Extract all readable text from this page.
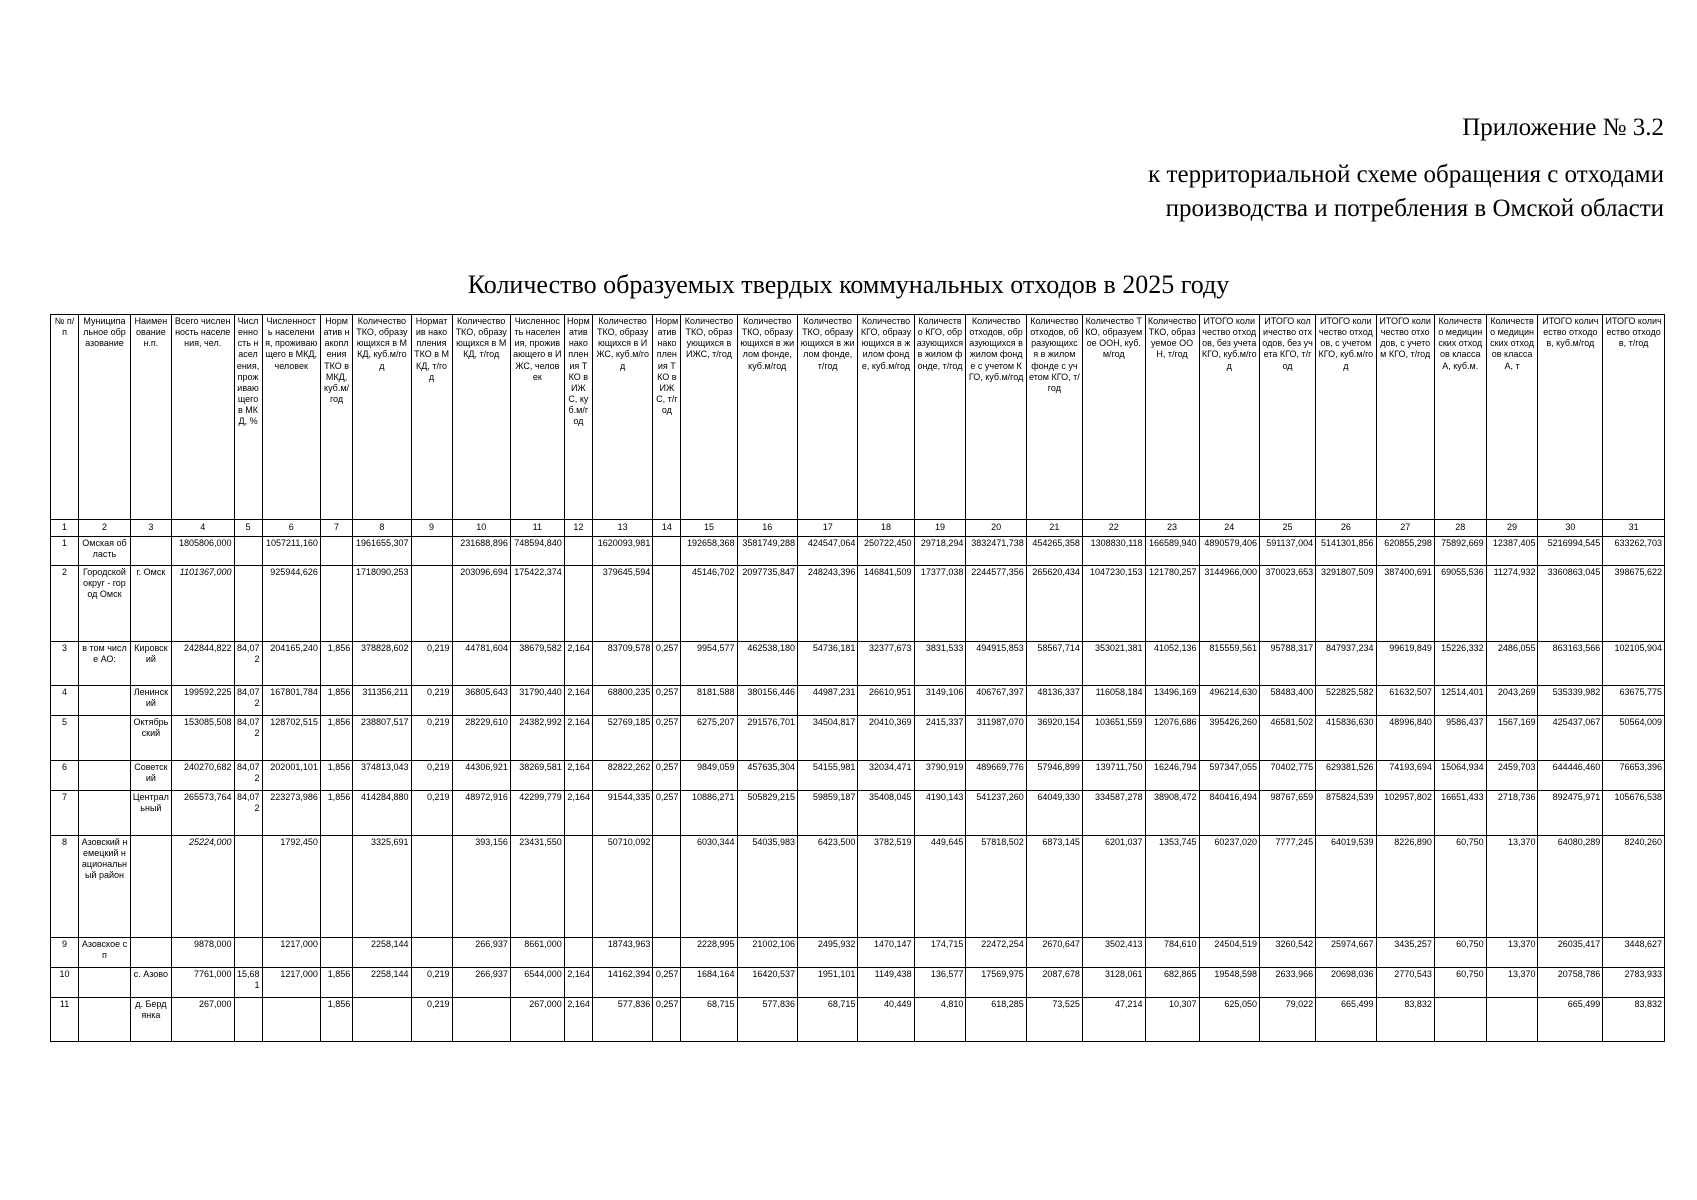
Приложение № 3.2
к территориальной схеме обращения с отходами
производства и потребления в Омской области
Количество образуемых твердых коммунальных отходов в 2025 году
№ п/п	Муниципальное образование	Наименование н.п.	Всего численность населения, чел.	Численность населения, проживающего в МКД, %	Численность населения, проживающего в МКД, человек	Норматив накопления ТКО в МКД, куб.м/год	Количество ТКО, образующихся в МКД, куб.м/год	Норматив накопления ТКО в МКД, т/год	Количество ТКО, образующихся в МКД, т/год	Численность населения, проживающего в ИЖС, человек	Норматив накопления ТКО в ИЖС, куб.м/год	Количество ТКО, образующихся в ИЖС, куб.м/год	Норматив накопления ТКО в ИЖС, т/год	Количество ТКО, образующихся в ИЖС, т/год	Количество ТКО, образующихся в жилом фонде, куб.м/год	Количество ТКО, образующихся в жилом фонде, т/год	Количество КГО, образующихся в жилом фонде, куб.м/год	Количество КГО, образующихся в жилом фонде, т/год	Количество отходов, образующихся в жилом фонде с учетом КГО, куб.м/год	Количество отходов, образующихся в жилом фонде с учетом КГО, т/год	Количество ТКО, образуемое ООН, куб.м/год	Количество ТКО, образуемое ООН, т/год	ИТОГО количество отходов, без учета КГО, куб.м/год	ИТОГО количество отходов, без учета КГО, т/год	ИТОГО количество отходов, с учетом КГО, куб.м/год	ИТОГО количество отходов, с учетом КГО, т/год	Количество медицинских отходов класса А, куб.м.	Количество медицинских отходов класса А, т	ИТОГО количество отходов, куб.м/год	ИТОГО количество отходов, т/год
1	2	3	4	5	6	7	8	9	10	11	12	13	14	15	16	17	18	19	20	21	22	23	24	25	26	27	28	29	30	31
1	Омская область		1805806,000		1057211,160		1961655,307		231688,896	748594,840		1620093,981		192658,368	3581749,288	424547,064	250722,450	29718,294	3832471,738	454265,358	1308830,118	166589,940	4890579,406	591137,004	5141301,856	620855,298	75892,669	12387,405	5216994,545	633262,703
2	Городской округ - город Омск	г. Омск	1101367,000		925944,626		1718090,253		203096,694	175422,374		379645,594		45146,702	2097735,847	248243,396	146841,509	17377,038	2244577,356	265620,434	1047230,153	121780,257	3144966,000	370023,653	3291807,509	387400,691	69055,536	11274,932	3360863,045	398675,622
3	в том числе АО:	Кировский	242844,822	84,072	204165,240	1,856	378828,602	0,219	44781,604	38679,582	2,164	83709,578	0,257	9954,577	462538,180	54736,181	32377,673	3831,533	494915,853	58567,714	353021,381	41052,136	815559,561	95788,317	847937,234	99619,849	15226,332	2486,055	863163,566	102105,904
4		Ленинский	199592,225	84,072	167801,784	1,856	311356,211	0,219	36805,643	31790,440	2,164	68800,235	0,257	8181,588	380156,446	44987,231	26610,951	3149,106	406767,397	48136,337	116058,184	13496,169	496214,630	58483,400	522825,582	61632,507	12514,401	2043,269	535339,982	63675,775
5		Октябрьский	153085,508	84,072	128702,515	1,856	238807,517	0,219	28229,610	24382,992	2,164	52769,185	0,257	6275,207	291576,701	34504,817	20410,369	2415,337	311987,070	36920,154	103651,559	12076,686	395426,260	46581,502	415836,630	48996,840	9586,437	1567,169	425437,067	50564,009
6		Советский	240270,682	84,072	202001,101	1,856	374813,043	0,219	44306,921	38269,581	2,164	82822,262	0,257	9849,059	457635,304	54155,981	32034,471	3790,919	489669,776	57946,899	139711,750	16246,794	597347,055	70402,775	629381,526	74193,694	15064,934	2459,703	644446,460	76653,396
7		Центральный	265573,764	84,072	223273,986	1,856	414284,880	0,219	48972,916	42299,779	2,164	91544,335	0,257	10886,271	505829,215	59859,187	35408,045	4190,143	541237,260	64049,330	334587,278	38908,472	840416,494	98767,659	875824,539	102957,802	16651,433	2718,736	892475,971	105676,538
8	Азовский немецкий национальный район		25224,000		1792,450		3325,691		393,156	23431,550		50710,092		6030,344	54035,983	6423,500	3782,519	449,645	57818,502	6873,145	6201,037	1353,745	60237,020	7777,245	64019,539	8226,890	60,750	13,370	64080,289	8240,260
9	Азовское сп		9878,000		1217,000		2258,144		266,937	8661,000		18743,963		2228,995	21002,106	2495,932	1470,147	174,715	22472,254	2670,647	3502,413	784,610	24504,519	3260,542	25974,667	3435,257	60,750	13,370	26035,417	3448,627
10		с. Азово	7761,000	15,681	1217,000	1,856	2258,144	0,219	266,937	6544,000	2,164	14162,394	0,257	1684,164	16420,537	1951,101	1149,438	136,577	17569,975	2087,678	3128,061	682,865	19548,598	2633,966	20698,036	2770,543	60,750	13,370	20758,786	2783,933
11		д. Бердянка	267,000			1,856		0,219		267,000	2,164	577,836	0,257	68,715	577,836	68,715	40,449	4,810	618,285	73,525	47,214	10,307	625,050	79,022	665,499	83,832			665,499	83,832
